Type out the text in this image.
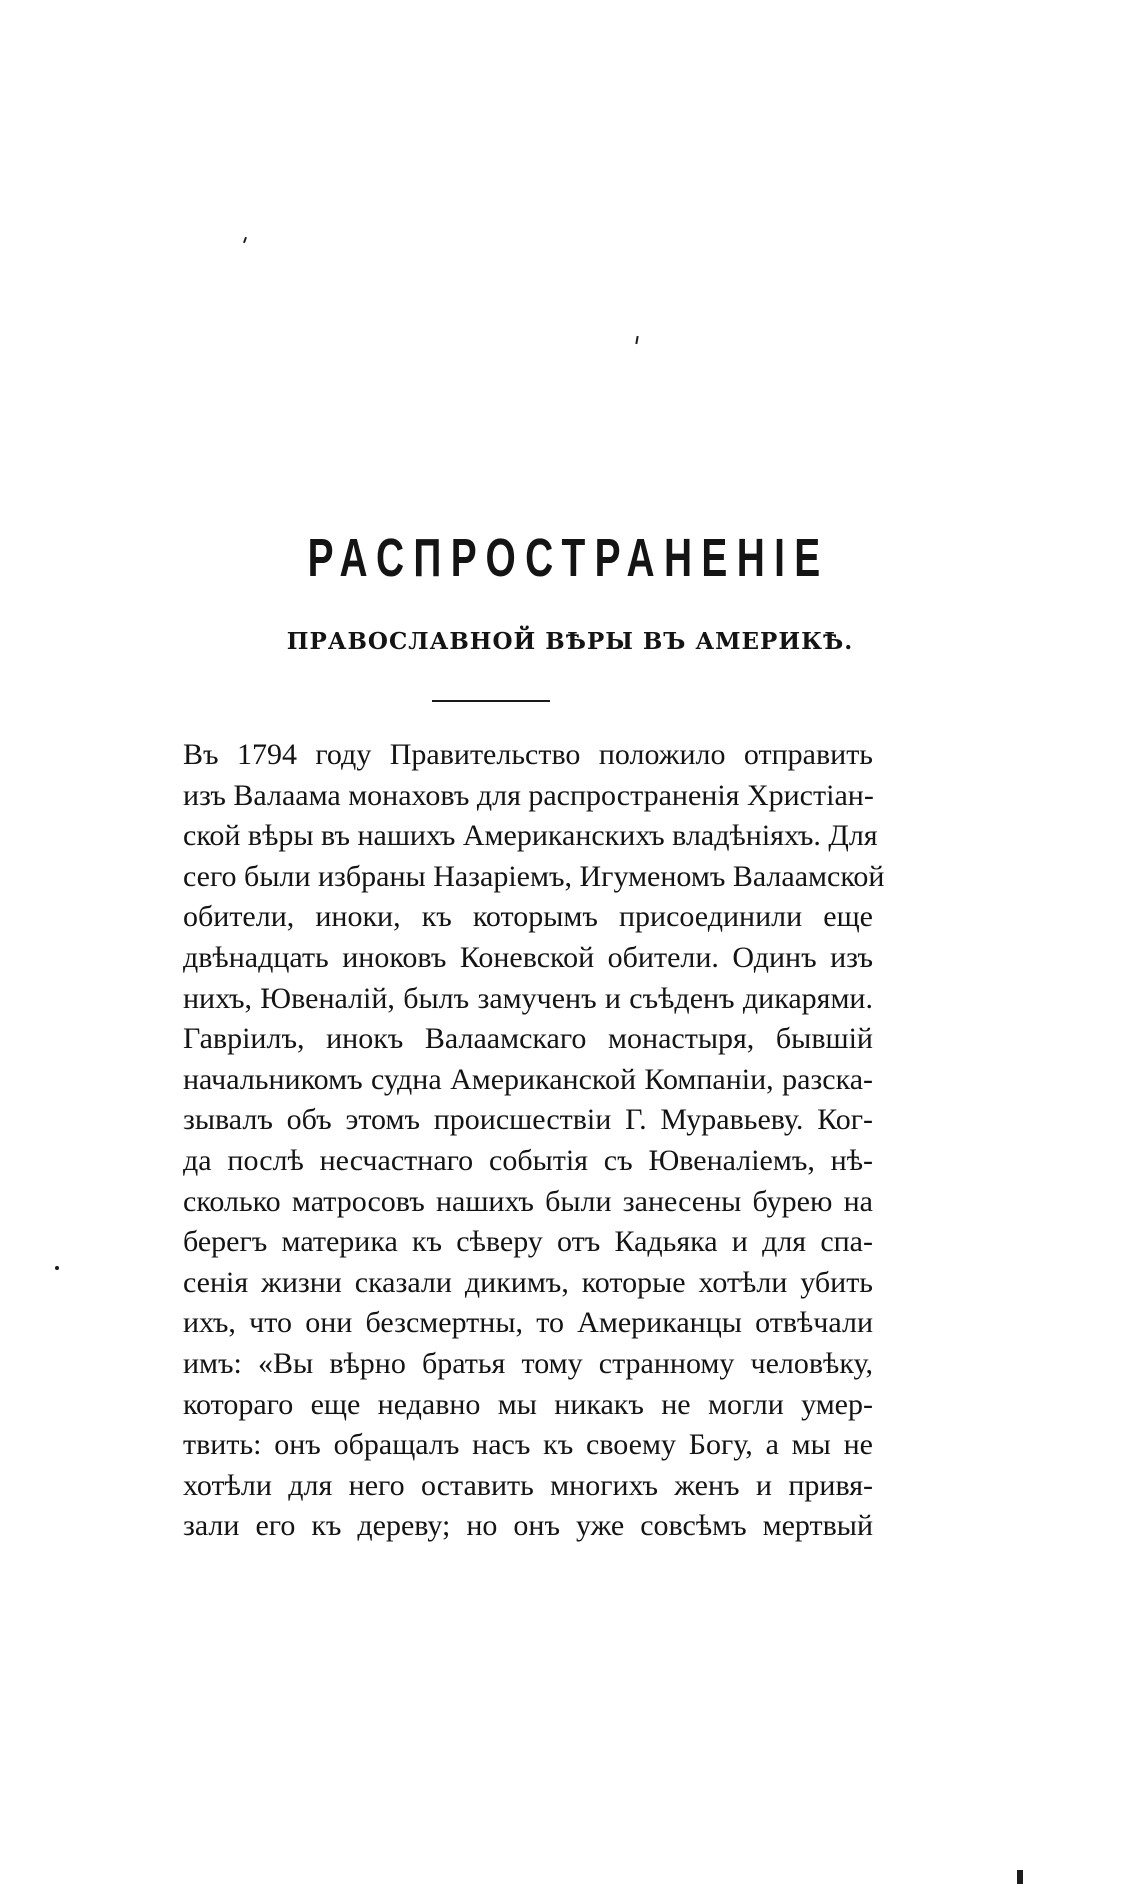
РАСПРОСТРАНЕНІЕ
ПРАВОСЛАВНОЙ ВѢРЫ ВЪ АМЕРИКѢ.
Въ 1794 году Правительство положило отправить
изъ Валаама монаховъ для распространенія Христіан-
ской вѣры въ нашихъ Американскихъ владѣніяхъ. Для
сего были избраны Назаріемъ, Игуменомъ Валаамской
обители, иноки, къ которымъ присоединили еще
двѣнадцать иноковъ Коневской обители. Одинъ изъ
нихъ, Ювеналій, былъ замученъ и съѣденъ дикарями.
Гавріилъ, инокъ Валаамскаго монастыря, бывшій
начальникомъ судна Американской Компаніи, разска-
зывалъ объ этомъ происшествіи Г. Муравьеву. Ког-
да послѣ несчастнаго событія съ Ювеналіемъ, нѣ-
сколько матросовъ нашихъ были занесены бурею на
берегъ материка къ сѣверу отъ Кадьяка и для спа-
сенія жизни сказали дикимъ, которые хотѣли убить
ихъ, что они безсмертны, то Американцы отвѣчали
имъ: «Вы вѣрно братья тому странному человѣку,
котораго еще недавно мы никакъ не могли умер-
твить: онъ обращалъ насъ къ своему Богу, а мы не
хотѣли для него оставить многихъ женъ и привя-
зали его къ дереву; но онъ уже совсѣмъ мертвый
